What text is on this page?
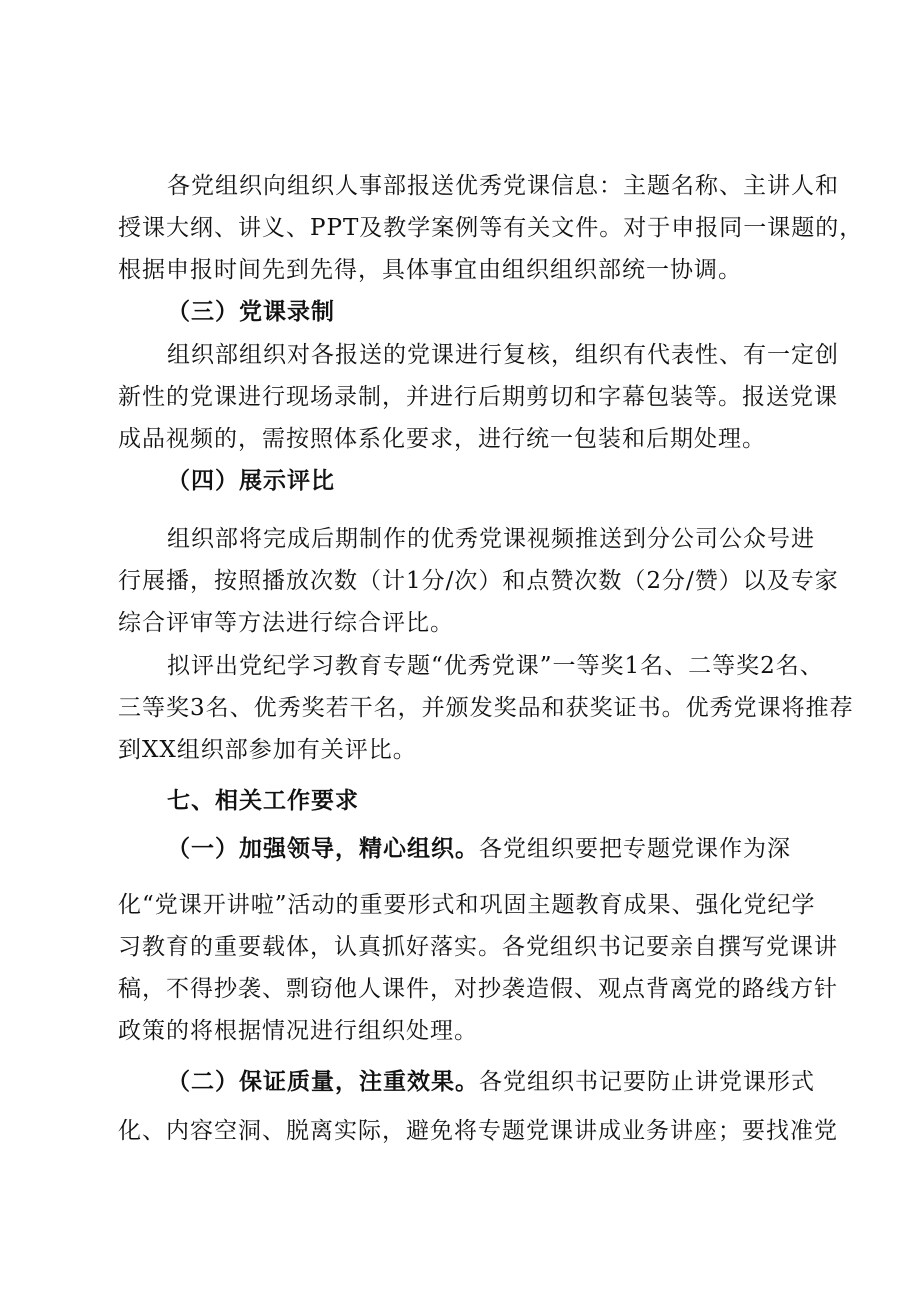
各党组织向组织人事部报送优秀党课信息：主题名称、主讲人和
授课大纲、讲义、PPT及教学案例等有关文件。对于申报同一课题的，
根据申报时间先到先得，具体事宜由组织组织部统一协调。
（三）党课录制
组织部组织对各报送的党课进行复核，组织有代表性、有一定创
新性的党课进行现场录制，并进行后期剪切和字幕包装等。报送党课
成品视频的，需按照体系化要求，进行统一包装和后期处理。
（四）展示评比
组织部将完成后期制作的优秀党课视频推送到分公司公众号进
行展播，按照播放次数（计1分/次）和点赞次数（2分/赞）以及专家
综合评审等方法进行综合评比。
拟评出党纪学习教育专题“优秀党课”一等奖1名、二等奖2名、
三等奖3名、优秀奖若干名，并颁发奖品和获奖证书。优秀党课将推荐
到XX组织部参加有关评比。
七、相关工作要求
（一）加强领导，精心组织。各党组织要把专题党课作为深
化“党课开讲啦”活动的重要形式和巩固主题教育成果、强化党纪学
习教育的重要载体，认真抓好落实。各党组织书记要亲自撰写党课讲
稿，不得抄袭、剽窃他人课件，对抄袭造假、观点背离党的路线方针
政策的将根据情况进行组织处理。
（二）保证质量，注重效果。各党组织书记要防止讲党课形式
化、内容空洞、脱离实际，避免将专题党课讲成业务讲座；要找准党
